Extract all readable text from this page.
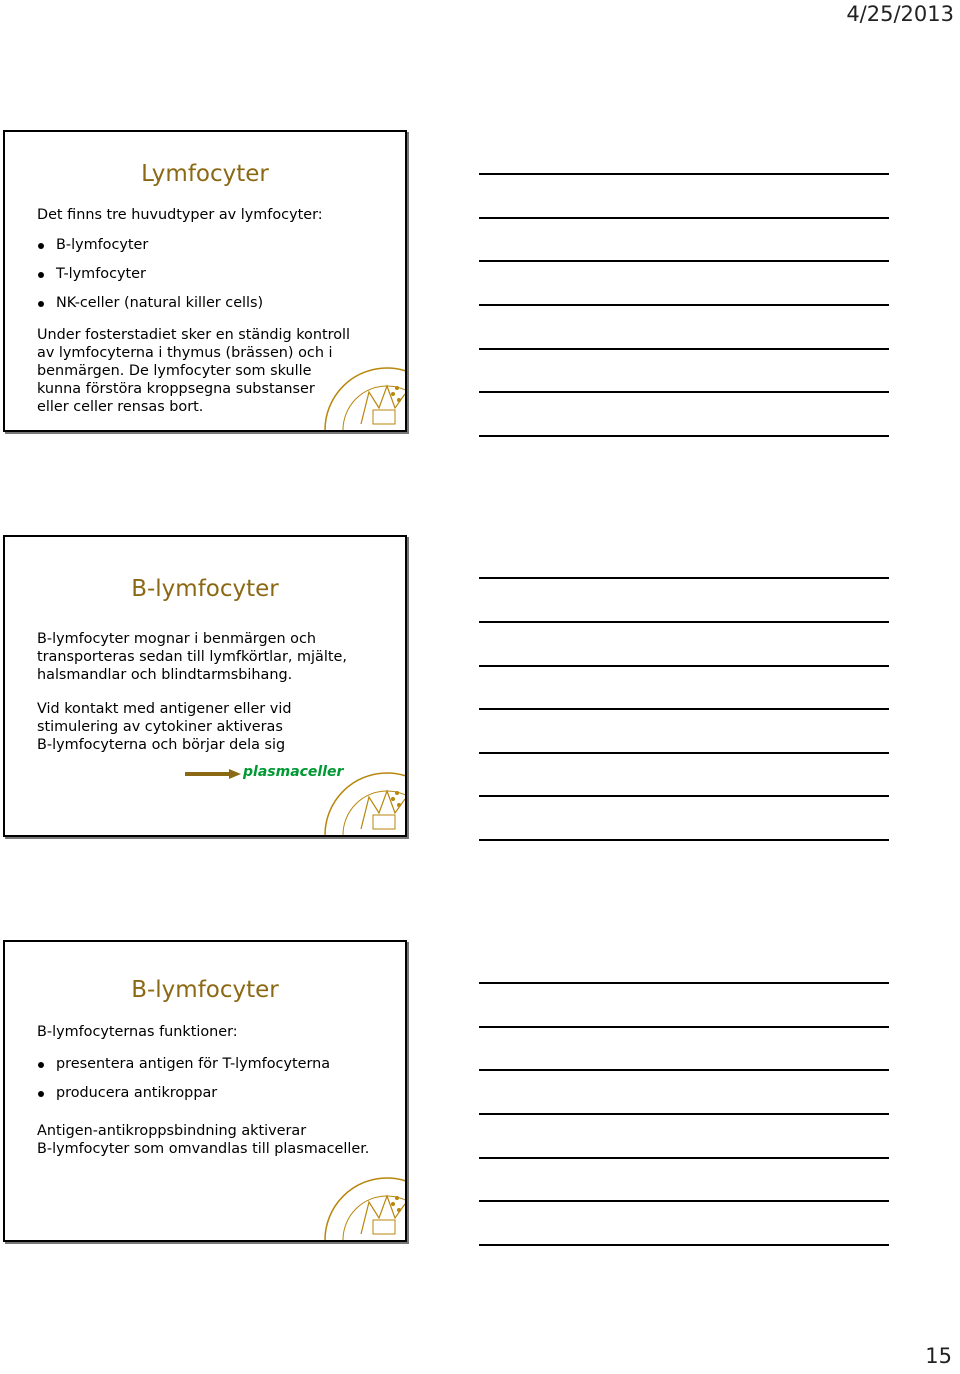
4/25/2013
Lymfocyter

Det finns tre huvudtyper av lymfocyter:

B-lymfocyter
T-lymfocyter
NK-celler (natural killer cells)
Under fosterstadiet sker en ständig kontroll
av lymfocyterna i thymus (brässen) och i
benmärgen. De lymfocyter som skulle
kunna förstöra kroppsegna substanser
eller celler rensas bort.
B-lymfocyter
B-lymfocyter mognar i benmärgen och
transporteras sedan till lymfkörtlar, mjälte,
halsmandlar och blindtarmsbihang.
Vid kontakt med antigener eller vid
stimulering av cytokiner aktiveras
B-lymfocyterna och börjar dela sig
plasmaceller
B-lymfocyter

B-lymfocyternas funktioner:

presentera antigen för T-lymfocyterna
producera antikroppar
Antigen-antikroppsbindning aktiverar
B-lymfocyter som omvandlas till plasmaceller.
15
